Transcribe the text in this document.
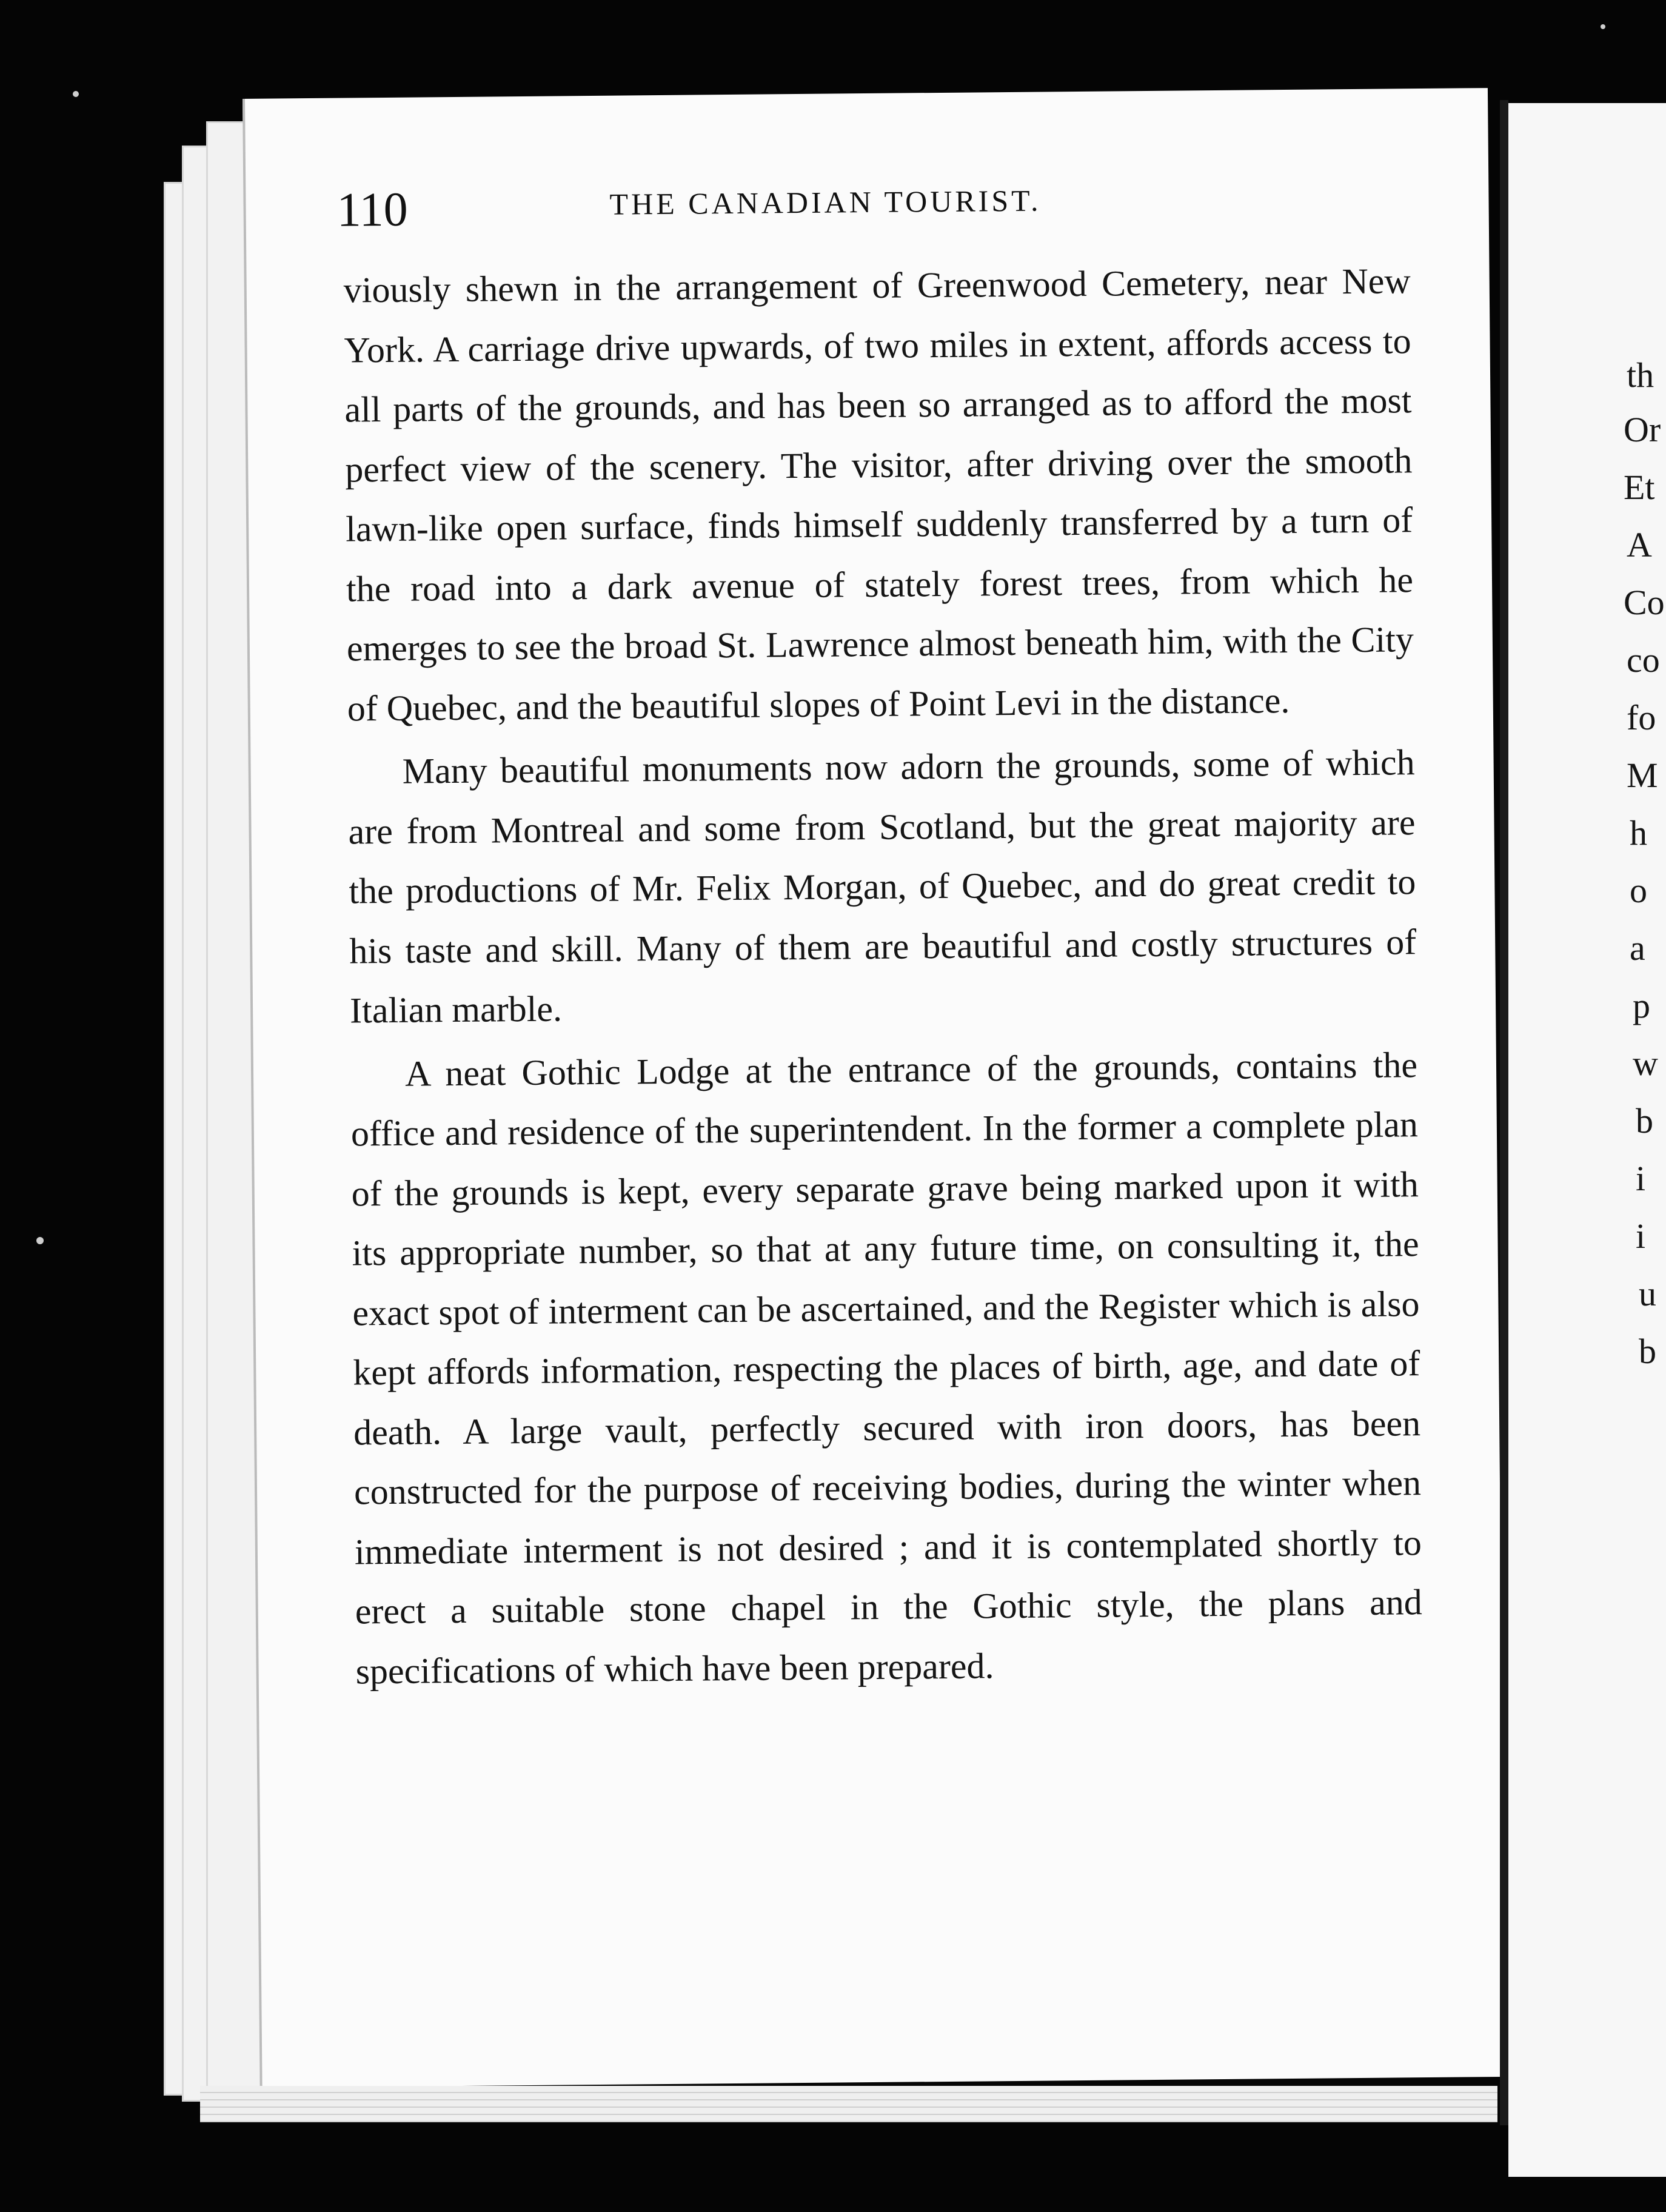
110	THE CANADIAN TOURIST.

viously shewn in the arrangement of Greenwood Cemetery, near New York. A carriage drive upwards, of two miles in extent, affords access to all parts of the grounds, and has been so arranged as to afford the most perfect view of the scenery. The visitor, after driving over the smooth lawn-like open surface, finds himself suddenly transferred by a turn of the road into a dark avenue of stately forest trees, from which he emerges to see the broad St. Lawrence almost beneath him, with the City of Quebec, and the beautiful slopes of Point Levi in the distance.

Many beautiful monuments now adorn the grounds, some of which are from Montreal and some from Scotland, but the great majority are the productions of Mr. Felix Morgan, of Quebec, and do great credit to his taste and skill. Many of them are beautiful and costly structures of Italian marble.

A neat Gothic Lodge at the entrance of the grounds, contains the office and residence of the superintendent. In the former a complete plan of the grounds is kept, every separate grave being marked upon it with its appropriate number, so that at any future time, on consulting it, the exact spot of interment can be ascertained, and the Register which is also kept affords information, respecting the places of birth, age, and date of death. A large vault, perfectly secured with iron doors, has been constructed for the purpose of receiving bodies, during the winter when immediate interment is not desired ; and it is contemplated shortly to erect a suitable stone chapel in the Gothic style, the plans and specifications of which have been prepared.

th
Or
Et
A
Co
co
fo
M
h
o
a
p
w
b
i
i
u
b
